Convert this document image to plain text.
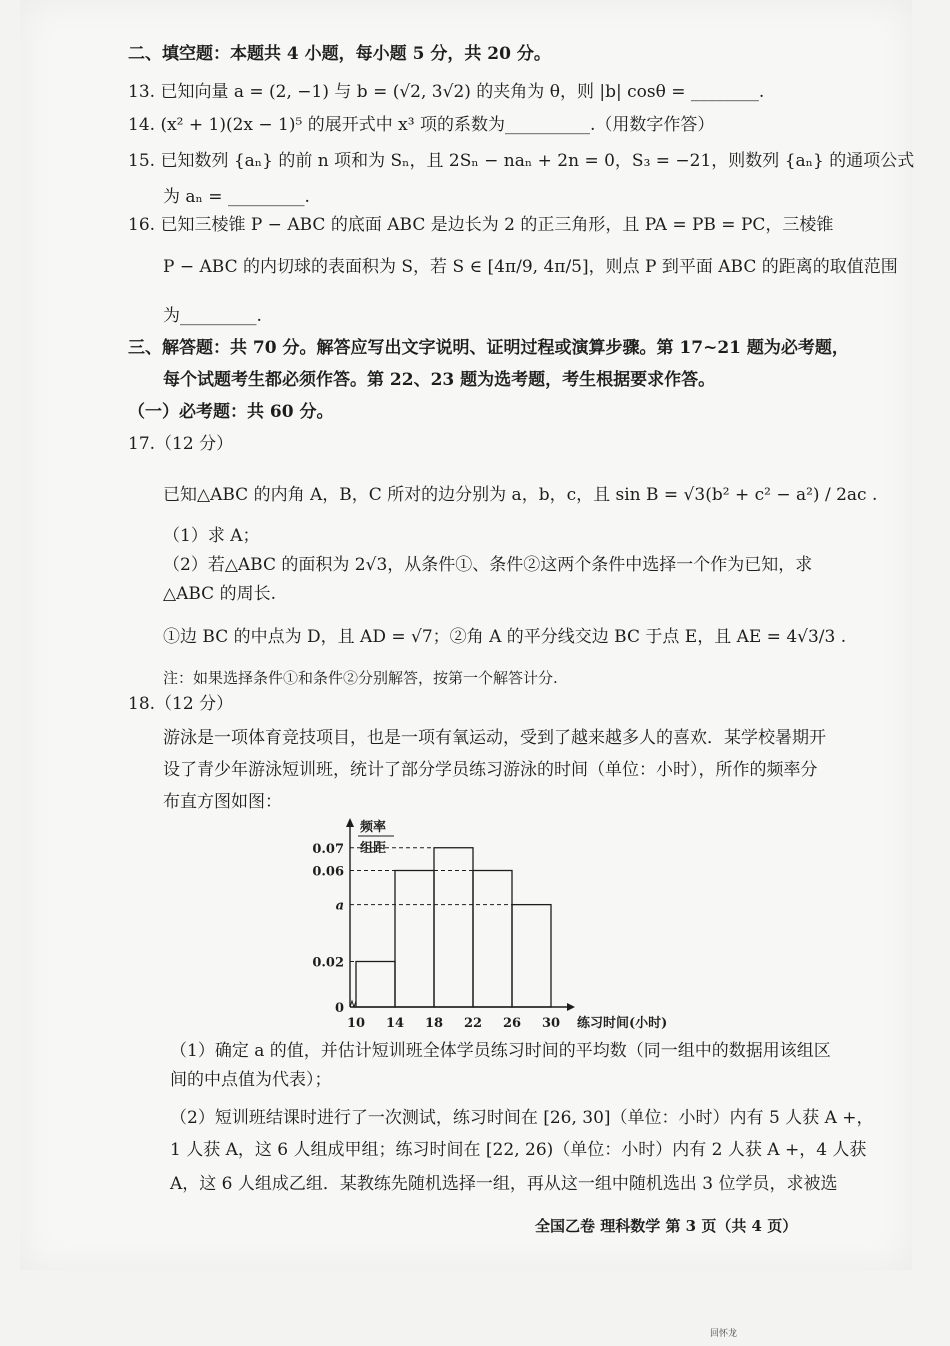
二、填空题：本题共 4 小题，每小题 5 分，共 20 分。
13. 已知向量 a = (2, −1) 与 b = (√2, 3√2) 的夹角为 θ，则 |b| cosθ = ________.
14. (x² + 1)(2x − 1)⁵ 的展开式中 x³ 项的系数为__________.（用数字作答）
15. 已知数列 {aₙ} 的前 n 项和为 Sₙ，且 2Sₙ − naₙ + 2n = 0，S₃ = −21，则数列 {aₙ} 的通项公式
为 aₙ = _________.
16. 已知三棱锥 P − ABC 的底面 ABC 是边长为 2 的正三角形，且 PA = PB = PC，三棱锥
P − ABC 的内切球的表面积为 S，若 S ∈ [4π/9, 4π/5]，则点 P 到平面 ABC 的距离的取值范围
为_________.
三、解答题：共 70 分。解答应写出文字说明、证明过程或演算步骤。第 17~21 题为必考题，
每个试题考生都必须作答。第 22、23 题为选考题，考生根据要求作答。
（一）必考题：共 60 分。
17.（12 分）
已知△ABC 的内角 A，B，C 所对的边分别为 a，b，c，且 sin B = √3(b² + c² − a²) / 2ac .
（1）求 A；
（2）若△ABC 的面积为 2√3，从条件①、条件②这两个条件中选择一个作为已知，求
△ABC 的周长.
①边 BC 的中点为 D，且 AD = √7；②角 A 的平分线交边 BC 于点 E，且 AE = 4√3/3 .
注：如果选择条件①和条件②分别解答，按第一个解答计分.
18.（12 分）
游泳是一项体育竞技项目，也是一项有氧运动，受到了越来越多人的喜欢．某学校暑期开
设了青少年游泳短训班，统计了部分学员练习游泳的时间（单位：小时），所作的频率分
布直方图如图：
0
0.02
a
0.06
0.07
10 14 18 22 26 30 练习时间(小时)
频率
组距
（1）确定 a 的值，并估计短训班全体学员练习时间的平均数（同一组中的数据用该组区
间的中点值为代表）；
（2）短训班结课时进行了一次测试，练习时间在 [26, 30]（单位：小时）内有 5 人获 A +，
1 人获 A，这 6 人组成甲组；练习时间在 [22, 26)（单位：小时）内有 2 人获 A +，4 人获
A，这 6 人组成乙组．某教练先随机选择一组，再从这一组中随机选出 3 位学员，求被选
全国乙卷 理科数学 第 3 页（共 4 页）
回怀龙
